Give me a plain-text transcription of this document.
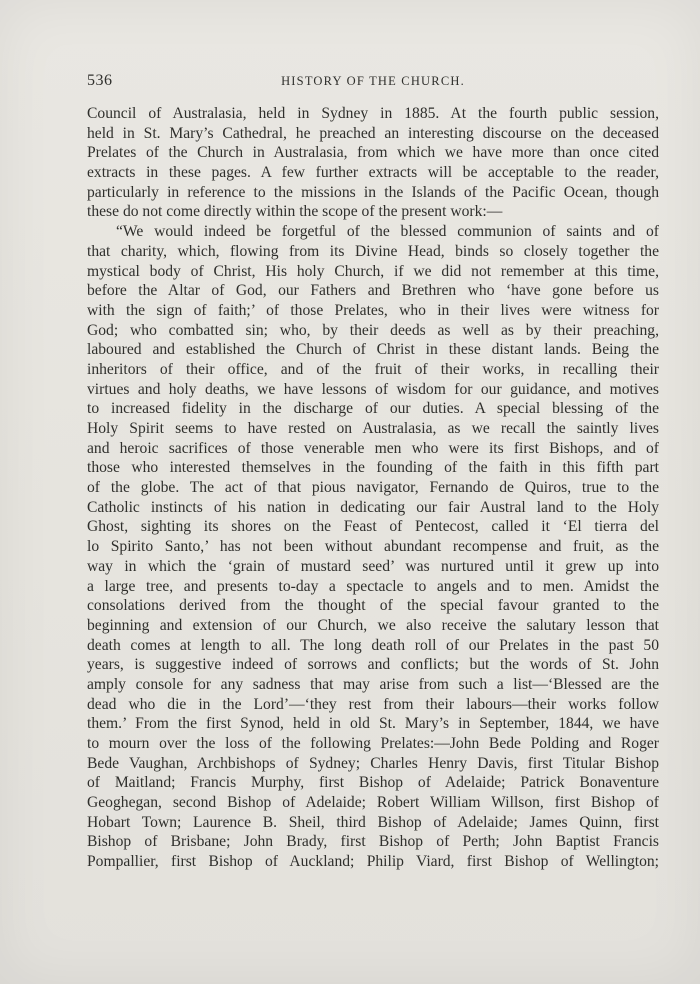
536	HISTORY OF THE CHURCH.
Council of Australasia, held in Sydney in 1885. At the fourth public session,
held in St. Mary’s Cathedral, he preached an interesting discourse on the deceased
Prelates of the Church in Australasia, from which we have more than once cited
extracts in these pages. A few further extracts will be acceptable to the reader,
particularly in reference to the missions in the Islands of the Pacific Ocean, though
these do not come directly within the scope of the present work:—
“We would indeed be forgetful of the blessed communion of saints and of
that charity, which, flowing from its Divine Head, binds so closely together the
mystical body of Christ, His holy Church, if we did not remember at this time,
before the Altar of God, our Fathers and Brethren who ‘have gone before us
with the sign of faith;’ of those Prelates, who in their lives were witness for
God; who combatted sin; who, by their deeds as well as by their preaching,
laboured and established the Church of Christ in these distant lands. Being the
inheritors of their office, and of the fruit of their works, in recalling their
virtues and holy deaths, we have lessons of wisdom for our guidance, and motives
to increased fidelity in the discharge of our duties. A special blessing of the
Holy Spirit seems to have rested on Australasia, as we recall the saintly lives
and heroic sacrifices of those venerable men who were its first Bishops, and of
those who interested themselves in the founding of the faith in this fifth part
of the globe. The act of that pious navigator, Fernando de Quiros, true to the
Catholic instincts of his nation in dedicating our fair Austral land to the Holy
Ghost, sighting its shores on the Feast of Pentecost, called it ‘El tierra del
lo Spirito Santo,’ has not been without abundant recompense and fruit, as the
way in which the ‘grain of mustard seed’ was nurtured until it grew up into
a large tree, and presents to-day a spectacle to angels and to men. Amidst the
consolations derived from the thought of the special favour granted to the
beginning and extension of our Church, we also receive the salutary lesson that
death comes at length to all. The long death roll of our Prelates in the past 50
years, is suggestive indeed of sorrows and conflicts; but the words of St. John
amply console for any sadness that may arise from such a list—‘Blessed are the
dead who die in the Lord’—‘they rest from their labours—their works follow
them.’ From the first Synod, held in old St. Mary’s in September, 1844, we have
to mourn over the loss of the following Prelates:—John Bede Polding and Roger
Bede Vaughan, Archbishops of Sydney; Charles Henry Davis, first Titular Bishop
of Maitland; Francis Murphy, first Bishop of Adelaide; Patrick Bonaventure
Geoghegan, second Bishop of Adelaide; Robert William Willson, first Bishop of
Hobart Town; Laurence B. Sheil, third Bishop of Adelaide; James Quinn, first
Bishop of Brisbane; John Brady, first Bishop of Perth; John Baptist Francis
Pompallier, first Bishop of Auckland; Philip Viard, first Bishop of Wellington;
